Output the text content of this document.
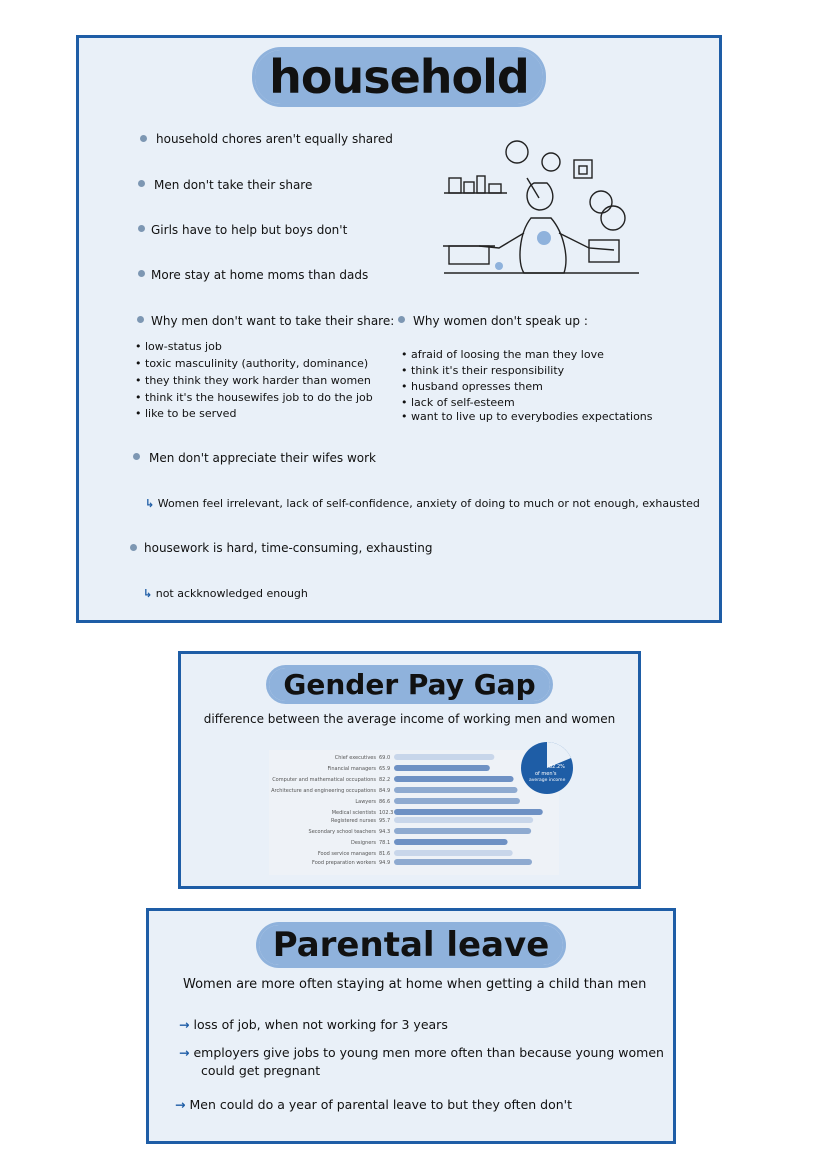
household
household chores aren't equally shared
Men don't take their share
Girls have to help but boys don't
More stay at home moms than dads
Why men don't want to take their share: Why women don't speak up :
• low-status job
• toxic masculinity (authority, dominance)
• they think they work harder than women
• think it's the housewifes job to do the job
• like to be served
• afraid of loosing the man they love
• think it's their responsibility
• husband opresses them
• lack of self-esteem
• want to live up to everybodies expectations
Men don't appreciate their wifes work
↳ Women feel irrelevant, lack of self-confidence, anxiety of doing to much or not enough, exhausted
housework is hard, time-consuming, exhausting
↳ not ackknowledged enough
Gender Pay Gap
difference between the average income of working men and women
Chief executives 69.0
Financial managers 65.9
Computer and mathematical occupations 82.2
Architecture and engineering occupations 84.9
Lawyers 86.6
Medical scientists 102.3
Registered nurses 95.7
Secondary school teachers 94.3
Designers 78.1
Food service managers 81.6
Food preparation workers 94.9
82.2%
of men's
average income
Parental leave
Women are more often staying at home when getting a child than men
→ loss of job, when not working for 3 years
→ employers give jobs to young men more often than because young women
could get pregnant
→ Men could do a year of parental leave to but they often don't
